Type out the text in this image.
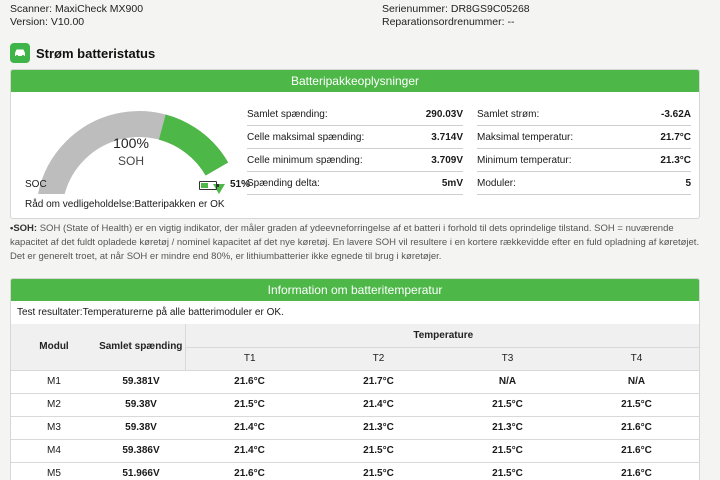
Scanner: MaxiCheck MX900
Version: V10.00
Serienummer: DR8GS9C05268
Reparationsordrenummer: --
Strøm batteristatus
Batteripakkeoplysninger
100%
SOH
SOC	51%
Råd om vedligeholdelse:Batteripakken er OK
Samlet spænding:	290.03V
Celle maksimal spænding:	3.714V
Celle minimum spænding:	3.709V
Spænding delta:	5mV
Samlet strøm:	-3.62A
Maksimal temperatur:	21.7°C
Minimum temperatur:	21.3°C
Moduler:	5
•SOH: SOH (State of Health) er en vigtig indikator, der måler graden af ydeevneforringelse af et batteri i forhold til dets oprindelige tilstand. SOH = nuværende kapacitet af det fuldt opladede køretøj / nominel kapacitet af det nye køretøj. En lavere SOH vil resultere i en kortere rækkevidde efter en fuld opladning af køretøjet. Det er generelt troet, at når SOH er mindre end 80%, er lithiumbatterier ikke egnede til brug i køretøjer.
Information om batteritemperatur
Test resultater:Temperaturerne på alle batterimoduler er OK.
Modul	Samlet spænding	Temperature			
		T1	T2	T3	T4
M1	59.381V	21.6°C	21.7°C	N/A	N/A
M2	59.38V	21.5°C	21.4°C	21.5°C	21.5°C
M3	59.38V	21.4°C	21.3°C	21.3°C	21.6°C
M4	59.386V	21.4°C	21.5°C	21.5°C	21.6°C
M5	51.966V	21.6°C	21.5°C	21.5°C	21.6°C
